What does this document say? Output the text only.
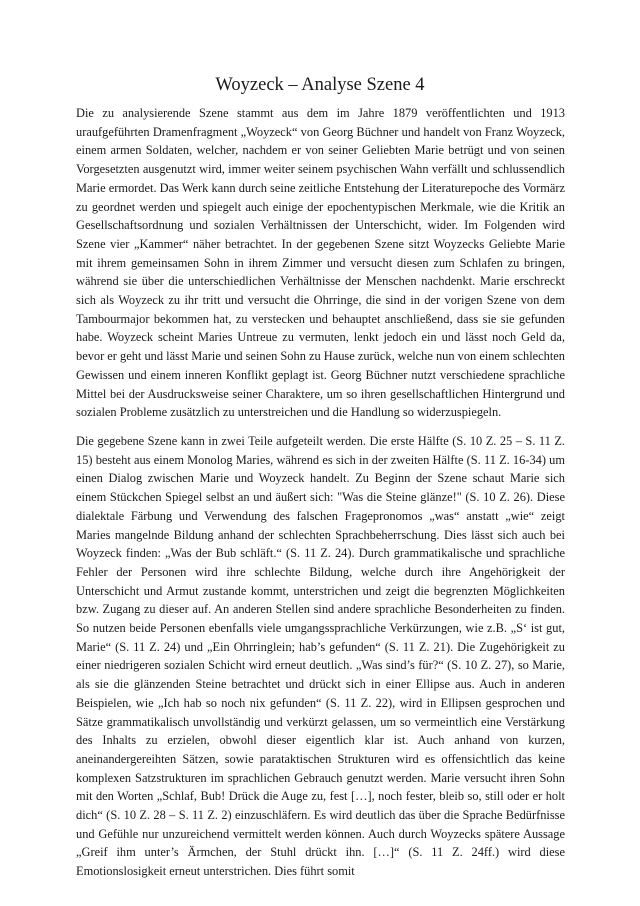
Woyzeck – Analyse Szene 4

Die zu analysierende Szene stammt aus dem im Jahre 1879 veröffentlichten und 1913 uraufgeführten Dramenfragment „Woyzeck“ von Georg Büchner und handelt von Franz Woyzeck, einem armen Soldaten, welcher, nachdem er von seiner Geliebten Marie betrügt und von seinen Vorgesetzten ausgenutzt wird, immer weiter seinem psychischen Wahn verfällt und schlussendlich Marie ermordet. Das Werk kann durch seine zeitliche Entstehung der Literaturepoche des Vormärz zu geordnet werden und spiegelt auch einige der epochentypischen Merkmale, wie die Kritik an Gesellschaftsordnung und sozialen Verhältnissen der Unterschicht, wider. Im Folgenden wird Szene vier „Kammer“ näher betrachtet. In der gegebenen Szene sitzt Woyzecks Geliebte Marie mit ihrem gemeinsamen Sohn in ihrem Zimmer und versucht diesen zum Schlafen zu bringen, während sie über die unterschiedlichen Verhältnisse der Menschen nachdenkt. Marie erschreckt sich als Woyzeck zu ihr tritt und versucht die Ohrringe, die sind in der vorigen Szene von dem Tambourmajor bekommen hat, zu verstecken und behauptet anschließend, dass sie sie gefunden habe. Woyzeck scheint Maries Untreue zu vermuten, lenkt jedoch ein und lässt noch Geld da, bevor er geht und lässt Marie und seinen Sohn zu Hause zurück, welche nun von einem schlechten Gewissen und einem inneren Konflikt geplagt ist. Georg Büchner nutzt verschiedene sprachliche Mittel bei der Ausdrucksweise seiner Charaktere, um so ihren gesellschaftlichen Hintergrund und sozialen Probleme zusätzlich zu unterstreichen und die Handlung so widerzuspiegeln.

Die gegebene Szene kann in zwei Teile aufgeteilt werden. Die erste Hälfte (S. 10 Z. 25 – S. 11 Z. 15) besteht aus einem Monolog Maries, während es sich in der zweiten Hälfte (S. 11 Z. 16-34) um einen Dialog zwischen Marie und Woyzeck handelt. Zu Beginn der Szene schaut Marie sich einem Stückchen Spiegel selbst an und äußert sich: "Was die Steine glänze!" (S. 10 Z. 26). Diese dialektale Färbung und Verwendung des falschen Fragepronomos „was“ anstatt „wie“ zeigt Maries mangelnde Bildung anhand der schlechten Sprachbeherrschung. Dies lässt sich auch bei Woyzeck finden: „Was der Bub schläft.“ (S. 11 Z. 24). Durch grammatikalische und sprachliche Fehler der Personen wird ihre schlechte Bildung, welche durch ihre Angehörigkeit der Unterschicht und Armut zustande kommt, unterstrichen und zeigt die begrenzten Möglichkeiten bzw. Zugang zu dieser auf. An anderen Stellen sind andere sprachliche Besonderheiten zu finden. So nutzen beide Personen ebenfalls viele umgangssprachliche Verkürzungen, wie z.B. „S‘ ist gut, Marie“ (S. 11 Z. 24) und „Ein Ohrringlein; hab’s gefunden“ (S. 11 Z. 21). Die Zugehörigkeit zu einer niedrigeren sozialen Schicht wird erneut deutlich. „Was sind’s für?“ (S. 10 Z. 27), so Marie, als sie die glänzenden Steine betrachtet und drückt sich in einer Ellipse aus. Auch in anderen Beispielen, wie „Ich hab so noch nix gefunden“ (S. 11 Z. 22), wird in Ellipsen gesprochen und Sätze grammatikalisch unvollständig und verkürzt gelassen, um so vermeintlich eine Verstärkung des Inhalts zu erzielen, obwohl dieser eigentlich klar ist. Auch anhand von kurzen, aneinandergereihten Sätzen, sowie parataktischen Strukturen wird es offensichtlich das keine komplexen Satzstrukturen im sprachlichen Gebrauch genutzt werden. Marie versucht ihren Sohn mit den Worten „Schlaf, Bub! Drück die Auge zu, fest […], noch fester, bleib so, still oder er holt dich“ (S. 10 Z. 28 – S. 11 Z. 2) einzuschläfern. Es wird deutlich das über die Sprache Bedürfnisse und Gefühle nur unzureichend vermittelt werden können. Auch durch Woyzecks spätere Aussage „Greif ihm unter’s Ärmchen, der Stuhl drückt ihn. […]“ (S. 11 Z. 24ff.) wird diese Emotionslosigkeit erneut unterstrichen. Dies führt somit
